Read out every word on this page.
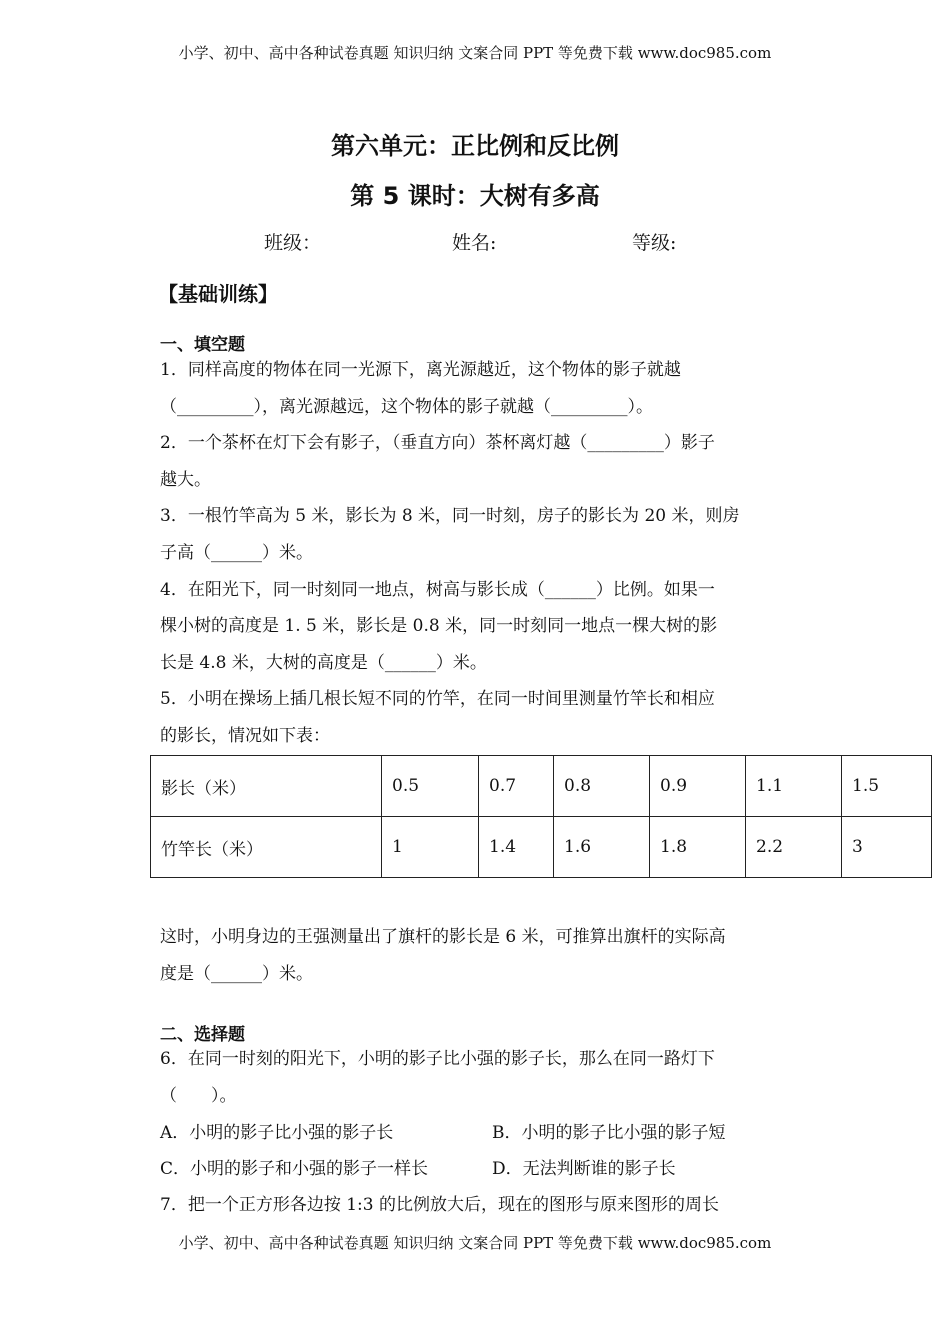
小学、初中、高中各种试卷真题 知识归纳 文案合同 PPT 等免费下载 www.doc985.com
第六单元：正比例和反比例
第 5 课时：大树有多高
班级：	姓名:	等级:
【基础训练】
一、填空题
1．同样高度的物体在同一光源下，离光源越近，这个物体的影子就越
（_________），离光源越远，这个物体的影子就越（_________）。
2．一个茶杯在灯下会有影子，（垂直方向）茶杯离灯越（_________）影子
越大。
3．一根竹竿高为 5 米，影长为 8 米，同一时刻，房子的影长为 20 米，则房
子高（______）米。
4．在阳光下，同一时刻同一地点，树高与影长成（______）比例。如果一
棵小树的高度是 1. 5 米，影长是 0.8 米，同一时刻同一地点一棵大树的影
长是 4.8 米，大树的高度是（______）米。
5．小明在操场上插几根长短不同的竹竿，在同一时间里测量竹竿长和相应
的影长，情况如下表：
影长（米）	0.5	0.7	0.8	0.9	1.1	1.5
竹竿长（米）	1	1.4	1.6	1.8	2.2	3
这时，小明身边的王强测量出了旗杆的影长是 6 米，可推算出旗杆的实际高
度是（______）米。
二、选择题
6．在同一时刻的阳光下，小明的影子比小强的影子长，那么在同一路灯下
（　　）。
A．小明的影子比小强的影子长	B．小明的影子比小强的影子短
C．小明的影子和小强的影子一样长	D．无法判断谁的影子长
7．把一个正方形各边按 1:3 的比例放大后，现在的图形与原来图形的周长
小学、初中、高中各种试卷真题 知识归纳 文案合同 PPT 等免费下载 www.doc985.com
